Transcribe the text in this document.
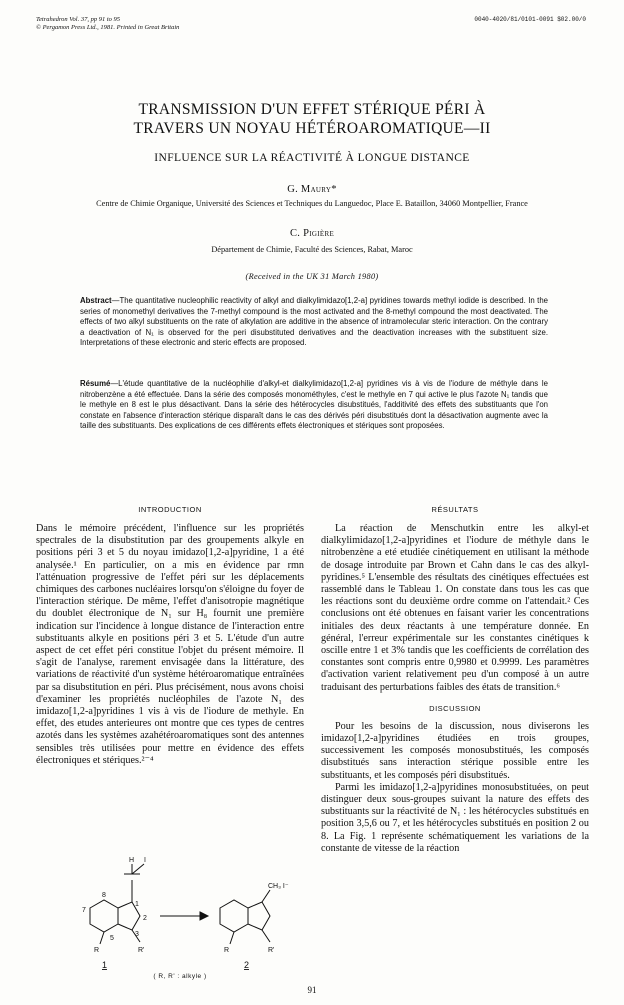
Tetrahedron Vol. 37, pp 91 to 95
© Pergamon Press Ltd., 1981. Printed in Great Britain
0040-4020/81/0101-0091 $02.00/0
TRANSMISSION D'UN EFFET STÉRIQUE PÉRI À
TRAVERS UN NOYAU HÉTÉROAROMATIQUE—II
INFLUENCE SUR LA RÉACTIVITÉ À LONGUE DISTANCE
G. Maury*
Centre de Chimie Organique, Université des Sciences et Techniques du Languedoc, Place E. Bataillon, 34060 Montpellier, France
C. Pigière
Département de Chimie, Faculté des Sciences, Rabat, Maroc
(Received in the UK 31 March 1980)
Abstract—The quantitative nucleophilic reactivity of alkyl and dialkylimidazo[1,2-a] pyridines towards methyl iodide is described. In the series of monomethyl derivatives the 7-methyl compound is the most activated and the 8-methyl compound the most deactivated. The effects of two alkyl substituents on the rate of alkylation are additive in the absence of intramolecular steric interaction. On the contrary a deactivation of N₁ is observed for the peri disubstituted derivatives and the deactivation increases with the substituent size. Interpretations of these electronic and steric effects are proposed.
Résumé—L'étude quantitative de la nucléophilie d'alkyl-et dialkylimidazo[1,2-a] pyridines vis à vis de l'iodure de méthyle dans le nitrobenzène a été effectuée. Dans la série des composés monométhyles, c'est le methyle en 7 qui active le plus l'azote N₁ tandis que le methyle en 8 est le plus désactivant. Dans la série des hétérocycles disubstitués, l'additivité des effets des substituants que l'on constate en l'absence d'interaction stérique disparaît dans le cas des dérivés péri disubstitués dont la désactivation augmente avec la taille des substituants. Des explications de ces différents effets électroniques et stériques sont proposées.
INTRODUCTION

Dans le mémoire précédent, l'influence sur les propriétés spectrales de la disubstitution par des groupements alkyle en positions péri 3 et 5 du noyau imidazo[1,2-a]pyridine, 1 a été analysée.¹ En particulier, on a mis en évidence par rmn l'atténuation progressive de l'effet péri sur les déplacements chimiques des carbones nucléaires lorsqu'on s'éloigne du foyer de l'interaction stérique. De même, l'effet d'anisotropie magnétique du doublet électronique de N₁ sur H₈ fournit une première indication sur l'incidence à longue distance de l'interaction entre substituants alkyle en positions péri 3 et 5. L'étude d'un autre aspect de cet effet péri constitue l'objet du présent mémoire. Il s'agit de l'analyse, rarement envisagée dans la littérature, des variations de réactivité d'un système hétéroaromatique entraînées par sa disubstitution en péri. Plus précisément, nous avons choisi d'examiner les propriétés nucléophiles de l'azote N₁ des imidazo[1,2-a]pyridines 1 vis à vis de l'iodure de methyle. En effet, des etudes anterieures ont montre que ces types de centres azotés dans les systèmes azahétéroaromatiques sont des antennes sensibles très utilisées pour mettre en évidence des effets électroniques et stériques.²⁻⁴

RÉSULTATS

La réaction de Menschutkin entre les alkyl-et dialkylimidazo[1,2-a]pyridines et l'iodure de méthyle dans le nitrobenzène a eté etudiée cinétiquement en utilisant la méthode de dosage introduite par Brown et Cahn dans le cas des alkyl-pyridines.⁵ L'ensemble des résultats des cinétiques effectuées est rassemblé dans le Tableau 1. On constate dans tous les cas que les réactions sont du deuxième ordre comme on l'attendait.² Ces conclusions ont été obtenues en faisant varier les concentrations initiales des deux réactants à une température donnée. En général, l'erreur expérimentale sur les constantes cinétiques k oscille entre 1 et 3% tandis que les coefficients de corrélation des constantes sont compris entre 0,9980 et 0.9999. Les paramètres d'activation varient relativement peu d'un composé à un autre traduisant des perturbations faibles des états de transition.⁶

DISCUSSION

Pour les besoins de la discussion, nous diviserons les imidazo[1,2-a]pyridines étudiées en trois groupes, successivement les composés monosubstitués, les composés disubstitués sans interaction stérique possible entre les substituants, et les composés péri disubstitués.

Parmi les imidazo[1,2-a]pyridines monosubstituées, on peut distinguer deux sous-groupes suivant la nature des effets des substituants sur la réactivité de N₁ : les hétérocycles substitués en position 3,5,6 ou 7, et les hétérocycles substitués en position 2 ou 8. La Fig. 1 représente schématiquement les variations de la constante de vitesse de la réaction

H I
7
8
1
2
3
5
R	R'
CH₃ I⁻
R	R'
1	2
( R, R' : alkyle )
91
